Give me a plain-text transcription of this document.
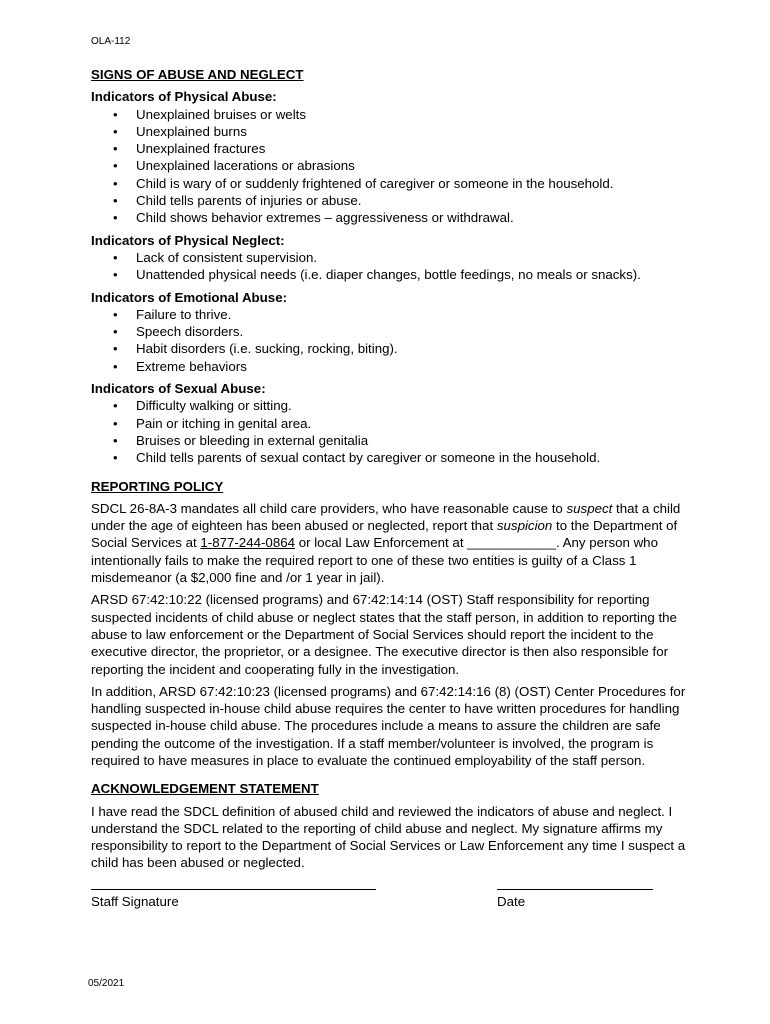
OLA-112

SIGNS OF ABUSE AND NEGLECT

Indicators of Physical Abuse:

• Unexplained bruises or welts
• Unexplained burns
• Unexplained fractures
• Unexplained lacerations or abrasions
• Child is wary of or suddenly frightened of caregiver or someone in the household.
• Child tells parents of injuries or abuse.
• Child shows behavior extremes – aggressiveness or withdrawal.

Indicators of Physical Neglect:

• Lack of consistent supervision.
• Unattended physical needs (i.e. diaper changes, bottle feedings, no meals or snacks).

Indicators of Emotional Abuse:

• Failure to thrive.
• Speech disorders.
• Habit disorders (i.e. sucking, rocking, biting).
• Extreme behaviors

Indicators of Sexual Abuse:

• Difficulty walking or sitting.
• Pain or itching in genital area.
• Bruises or bleeding in external genitalia
• Child tells parents of sexual contact by caregiver or someone in the household.

REPORTING POLICY

SDCL 26-8A-3 mandates all child care providers, who have reasonable cause to suspect that a child under the age of eighteen has been abused or neglected, report that suspicion to the Department of Social Services at 1-877-244-0864 or local Law Enforcement at ____________. Any person who intentionally fails to make the required report to one of these two entities is guilty of a Class 1 misdemeanor (a $2,000 fine and /or 1 year in jail).

ARSD 67:42:10:22 (licensed programs) and 67:42:14:14 (OST) Staff responsibility for reporting suspected incidents of child abuse or neglect states that the staff person, in addition to reporting the abuse to law enforcement or the Department of Social Services should report the incident to the executive director, the proprietor, or a designee. The executive director is then also responsible for reporting the incident and cooperating fully in the investigation.

In addition, ARSD 67:42:10:23 (licensed programs) and 67:42:14:16 (8) (OST) Center Procedures for handling suspected in-house child abuse requires the center to have written procedures for handling suspected in-house child abuse. The procedures include a means to assure the children are safe pending the outcome of the investigation. If a staff member/volunteer is involved, the program is required to have measures in place to evaluate the continued employability of the staff person.

ACKNOWLEDGEMENT STATEMENT

I have read the SDCL definition of abused child and reviewed the indicators of abuse and neglect. I understand the SDCL related to the reporting of child abuse and neglect. My signature affirms my responsibility to report to the Department of Social Services or Law Enforcement any time I suspect a child has been abused or neglected.

Staff Signature	Date
05/2021
